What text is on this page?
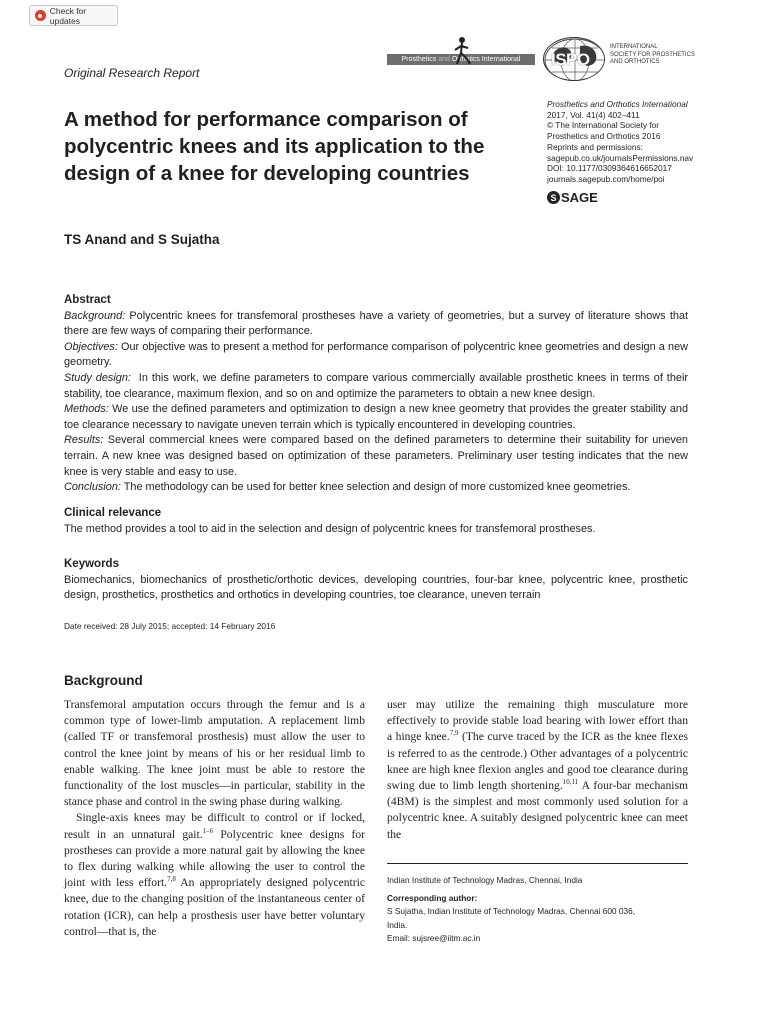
Check for updates
Original Research Report
Prosthetics and Orthotics International	ISPO
INTERNATIONAL
SOCIETY FOR PROSTHETICS
AND ORTHOTICS
A method for performance comparison of polycentric knees and its application to the design of a knee for developing countries
Prosthetics and Orthotics International
2017, Vol. 41(4) 402–411
© The International Society for
Prosthetics and Orthotics 2016
Reprints and permissions:
sagepub.co.uk/journalsPermissions.nav
DOI: 10.1177/0309364616652017
journals.sagepub.com/home/poi
S SAGE
TS Anand and S Sujatha
Abstract
Background: Polycentric knees for transfemoral prostheses have a variety of geometries, but a survey of literature shows that there are few ways of comparing their performance.
Objectives: Our objective was to present a method for performance comparison of polycentric knee geometries and design a new geometry.
Study design:  In this work, we define parameters to compare various commercially available prosthetic knees in terms of their stability, toe clearance, maximum flexion, and so on and optimize the parameters to obtain a new knee design.
Methods: We use the defined parameters and optimization to design a new knee geometry that provides the greater stability and toe clearance necessary to navigate uneven terrain which is typically encountered in developing countries.
Results: Several commercial knees were compared based on the defined parameters to determine their suitability for uneven terrain. A new knee was designed based on optimization of these parameters. Preliminary user testing indicates that the new knee is very stable and easy to use.
Conclusion: The methodology can be used for better knee selection and design of more customized knee geometries.
Clinical relevance
The method provides a tool to aid in the selection and design of polycentric knees for transfemoral prostheses.
Keywords
Biomechanics, biomechanics of prosthetic/orthotic devices, developing countries, four-bar knee, polycentric knee, prosthetic design, prosthetics, prosthetics and orthotics in developing countries, toe clearance, uneven terrain
Date received: 28 July 2015; accepted: 14 February 2016
Background

Transfemoral amputation occurs through the femur and is a common type of lower-limb amputation. A replacement limb (called TF or transfemoral prosthesis) must allow the user to control the knee joint by means of his or her residual limb to enable walking. The knee joint must be able to restore the functionality of the lost muscles—in particular, stability in the stance phase and control in the swing phase during walking.

Single-axis knees may be difficult to control or if locked, result in an unnatural gait.$^{1-6}$ Polycentric knee designs for prostheses can provide a more natural gait by allowing the knee to flex during walking while allowing the user to control the joint with less effort.$^{7,8}$ An appropriately designed polycentric knee, due to the changing position of the instantaneous center of rotation (ICR), can help a prosthesis user have better voluntary control—that is, the

user may utilize the remaining thigh musculature more effectively to provide stable load bearing with lower effort than a hinge knee.$^{7,9}$ (The curve traced by the ICR as the knee flexes is referred to as the centrode.) Other advantages of a polycentric knee are high knee flexion angles and good toe clearance during swing due to limb length shortening.$^{10,11}$ A four-bar mechanism (4BM) is the simplest and most commonly used solution for a polycentric knee. A suitably designed polycentric knee can meet the

Indian Institute of Technology Madras, Chennai, India
Corresponding author:
S Sujatha, Indian Institute of Technology Madras, Chennai 600 036,
India.
Email: sujsree@iitm.ac.in
